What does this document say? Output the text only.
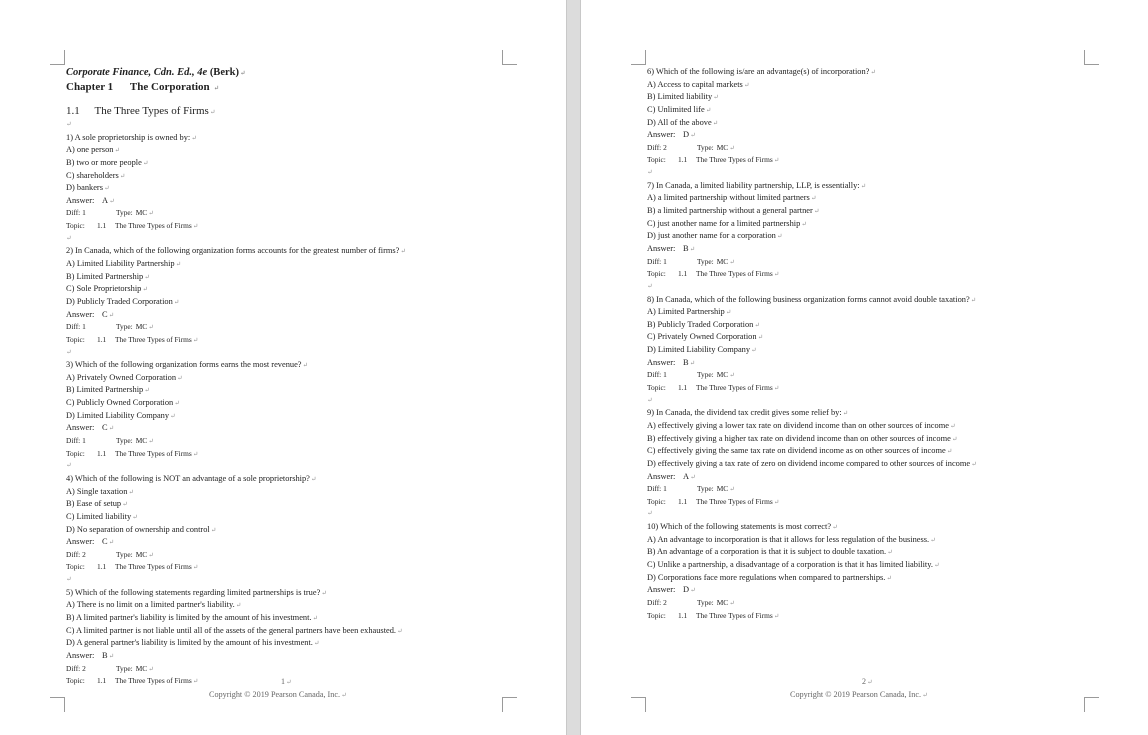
Corporate Finance, Cdn. Ed., 4e (Berk)↵
Chapter 1 The Corporation ↵
1.1 The Three Types of Firms↵
↵
1) A sole proprietorship is owned by:↵
A) one person↵
B) two or more people↵
C) shareholders↵
D) bankers↵
Answer: A↵
Diff: 1	Type: MC↵
Topic: 1.1 The Three Types of Firms↵
↵
2) In Canada, which of the following organization forms accounts for the greatest number of firms?↵
A) Limited Liability Partnership↵
B) Limited Partnership↵
C) Sole Proprietorship↵
D) Publicly Traded Corporation↵
Answer: C↵
Diff: 1	Type: MC↵
Topic: 1.1 The Three Types of Firms↵
↵
3) Which of the following organization forms earns the most revenue?↵
A) Privately Owned Corporation↵
B) Limited Partnership↵
C) Publicly Owned Corporation↵
D) Limited Liability Company↵
Answer: C↵
Diff: 1	Type: MC↵
Topic: 1.1 The Three Types of Firms↵
↵
4) Which of the following is NOT an advantage of a sole proprietorship?↵
A) Single taxation↵
B) Ease of setup↵
C) Limited liability↵
D) No separation of ownership and control↵
Answer: C↵
Diff: 2	Type: MC↵
Topic: 1.1 The Three Types of Firms↵
↵
5) Which of the following statements regarding limited partnerships is true?↵
A) There is no limit on a limited partner's liability.↵
B) A limited partner's liability is limited by the amount of his investment.↵
C) A limited partner is not liable until all of the assets of the general partners have been exhausted.↵
D) A general partner's liability is limited by the amount of his investment.↵
Answer: B↵
Diff: 2	Type: MC↵
Topic: 1.1 The Three Types of Firms↵	1↵
Copyright © 2019 Pearson Canada, Inc.↵
6) Which of the following is/are an advantage(s) of incorporation?↵
A) Access to capital markets↵
B) Limited liability↵
C) Unlimited life↵
D) All of the above↵
Answer: D↵
Diff: 2	Type: MC↵
Topic: 1.1 The Three Types of Firms↵
↵
7) In Canada, a limited liability partnership, LLP, is essentially:↵
A) a limited partnership without limited partners↵
B) a limited partnership without a general partner↵
C) just another name for a limited partnership↵
D) just another name for a corporation↵
Answer: B↵
Diff: 1	Type: MC↵
Topic: 1.1 The Three Types of Firms↵
↵
8) In Canada, which of the following business organization forms cannot avoid double taxation?↵
A) Limited Partnership↵
B) Publicly Traded Corporation↵
C) Privately Owned Corporation↵
D) Limited Liability Company↵
Answer: B↵
Diff: 1	Type: MC↵
Topic: 1.1 The Three Types of Firms↵
↵
9) In Canada, the dividend tax credit gives some relief by:↵
A) effectively giving a lower tax rate on dividend income than on other sources of income↵
B) effectively giving a higher tax rate on dividend income than on other sources of income↵
C) effectively giving the same tax rate on dividend income as on other sources of income↵
D) effectively giving a tax rate of zero on dividend income compared to other sources of income↵
Answer: A↵
Diff: 1	Type: MC↵
Topic: 1.1 The Three Types of Firms↵
↵
10) Which of the following statements is most correct?↵
A) An advantage to incorporation is that it allows for less regulation of the business.↵
B) An advantage of a corporation is that it is subject to double taxation.↵
C) Unlike a partnership, a disadvantage of a corporation is that it has limited liability.↵
D) Corporations face more regulations when compared to partnerships.↵
Answer: D↵
Diff: 2	Type: MC↵
Topic: 1.1 The Three Types of Firms↵
2↵
Copyright © 2019 Pearson Canada, Inc.↵
